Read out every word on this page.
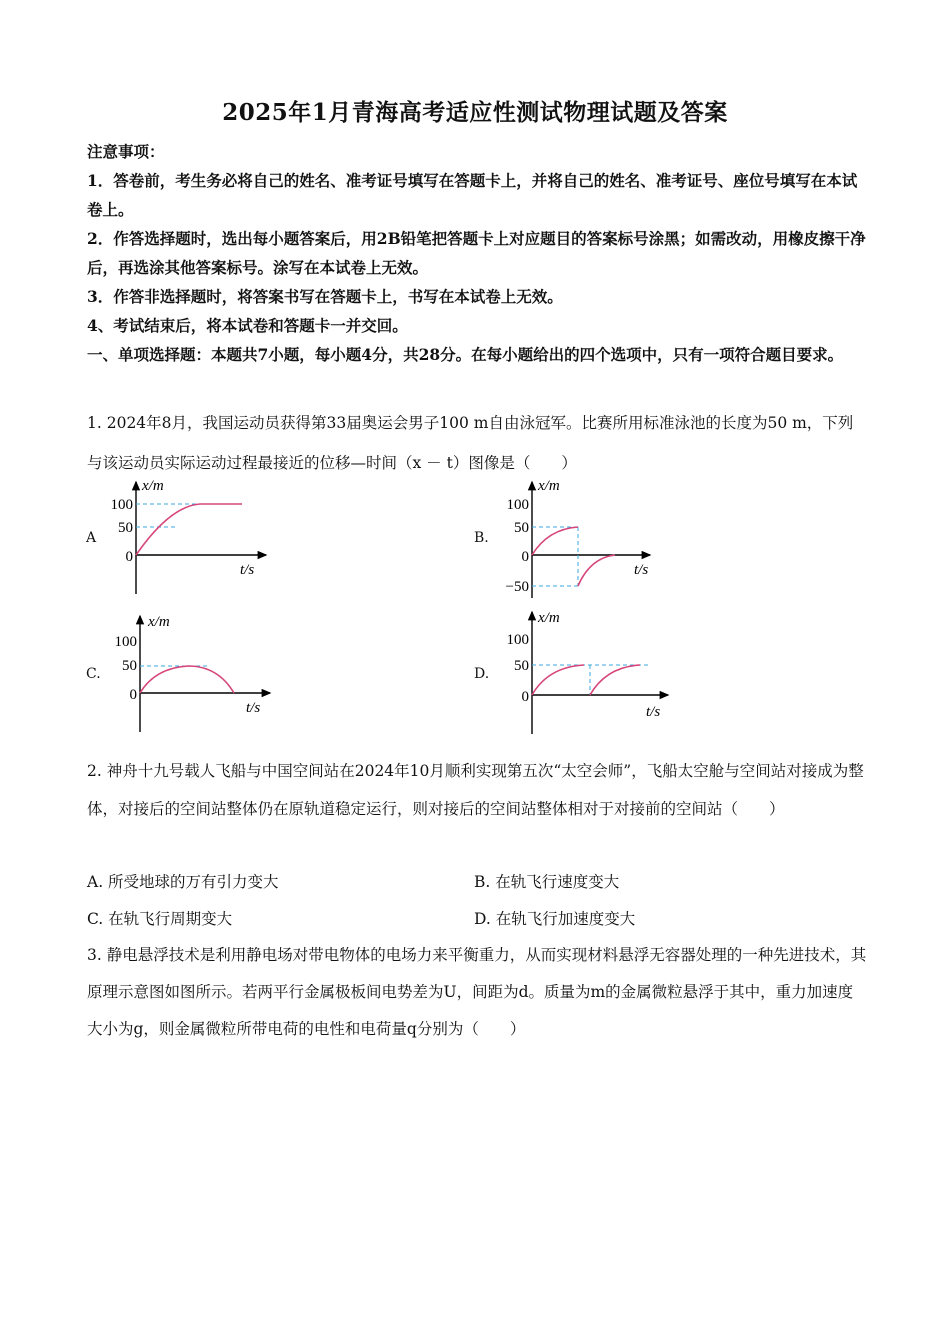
2025年1月青海高考适应性测试物理试题及答案
注意事项：
1．答卷前，考生务必将自己的姓名、准考证号填写在答题卡上，并将自己的姓名、准考证号、座位号填写在本试卷上。
2．作答选择题时，选出每小题答案后，用2B铅笔把答题卡上对应题目的答案标号涂黑；如需改动，用橡皮擦干净后，再选涂其他答案标号。涂写在本试卷上无效。
3．作答非选择题时，将答案书写在答题卡上，书写在本试卷上无效。
4、考试结束后，将本试卷和答题卡一并交回。
一、单项选择题：本题共7小题，每小题4分，共28分。在每小题给出的四个选项中，只有一项符合题目要求。
1. 2024年8月，我国运动员获得第33届奥运会男子100 m自由泳冠军。比赛所用标准泳池的长度为50 m，下列与该运动员实际运动过程最接近的位移—时间（x － t）图像是（　　）
A	B.
C.	D.
x/m
t/s
100
50
0
x/m
t/s
100
50
0
−50
x/m
t/s
100
50
0
x/m
t/s
100
50
0
2. 神舟十九号载人飞船与中国空间站在2024年10月顺利实现第五次“太空会师”，飞船太空舱与空间站对接成为整体，对接后的空间站整体仍在原轨道稳定运行，则对接后的空间站整体相对于对接前的空间站（　　）
A. 所受地球的万有引力变大	B. 在轨飞行速度变大
C. 在轨飞行周期变大	D. 在轨飞行加速度变大
3. 静电悬浮技术是利用静电场对带电物体的电场力来平衡重力，从而实现材料悬浮无容器处理的一种先进技术，其原理示意图如图所示。若两平行金属极板间电势差为U，间距为d。质量为m的金属微粒悬浮于其中，重力加速度大小为g，则金属微粒所带电荷的电性和电荷量q分别为（　　）
